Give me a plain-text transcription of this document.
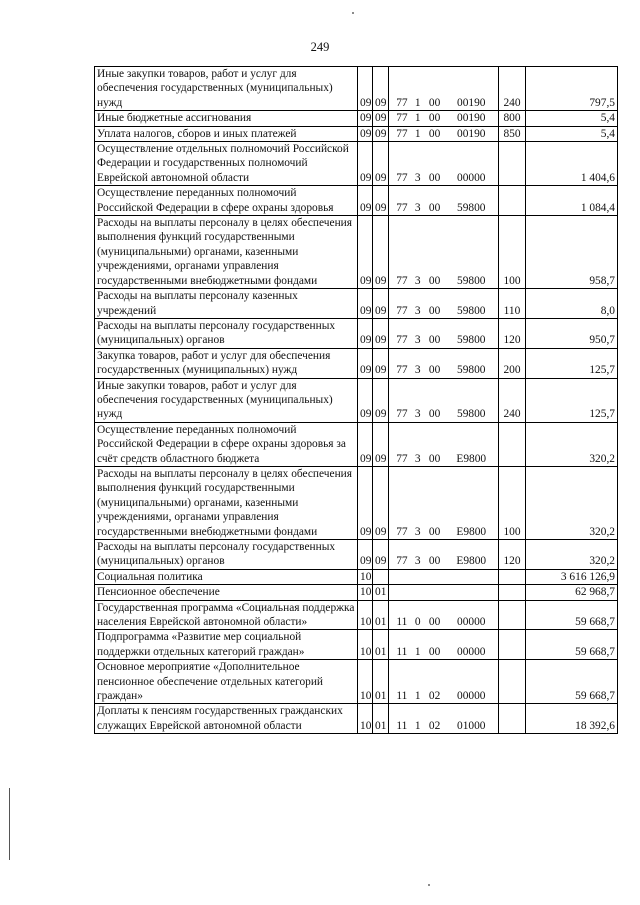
249
Иные закупки товаров, работ и услуг для обеспечения государственных (муниципальных) нужд	09	09	77 1 00 00190	240	797,5
Иные бюджетные ассигнования	09	09	77 1 00 00190	800	5,4
Уплата налогов, сборов и иных платежей	09	09	77 1 00 00190	850	5,4
Осуществление отдельных полномочий Российской Федерации и государственных полномочий Еврейской автономной области	09	09	77 3 00 00000		1 404,6
Осуществление переданных полномочий Российской Федерации в сфере охраны здоровья	09	09	77 3 00 59800		1 084,4
Расходы на выплаты персоналу в целях обеспечения выполнения функций государственными (муниципальными) органами, казенными учреждениями, органами управления государственными внебюджетными фондами	09	09	77 3 00 59800	100	958,7
Расходы на выплаты персоналу казенных учреждений	09	09	77 3 00 59800	110	8,0
Расходы на выплаты персоналу государственных (муниципальных) органов	09	09	77 3 00 59800	120	950,7
Закупка товаров, работ и услуг для обеспечения государственных (муниципальных) нужд	09	09	77 3 00 59800	200	125,7
Иные закупки товаров, работ и услуг для обеспечения государственных (муниципальных) нужд	09	09	77 3 00 59800	240	125,7
Осуществление переданных полномочий Российской Федерации в сфере охраны здоровья за счёт средств областного бюджета	09	09	77 3 00 Е9800		320,2
Расходы на выплаты персоналу в целях обеспечения выполнения функций государственными (муниципальными) органами, казенными учреждениями, органами управления государственными внебюджетными фондами	09	09	77 3 00 Е9800	100	320,2
Расходы на выплаты персоналу государственных (муниципальных) органов	09	09	77 3 00 Е9800	120	320,2
Социальная политика	10				3 616 126,9
Пенсионное обеспечение	10	01			62 968,7
Государственная программа «Социальная поддержка населения Еврейской автономной области»	10	01	11 0 00 00000		59 668,7
Подпрограмма «Развитие мер социальной поддержки отдельных категорий граждан»	10	01	11 1 00 00000		59 668,7
Основное мероприятие «Дополнительное пенсионное обеспечение отдельных категорий граждан»	10	01	11 1 02 00000		59 668,7
Доплаты к пенсиям государственных гражданских служащих Еврейской автономной области	10	01	11 1 02 01000		18 392,6
